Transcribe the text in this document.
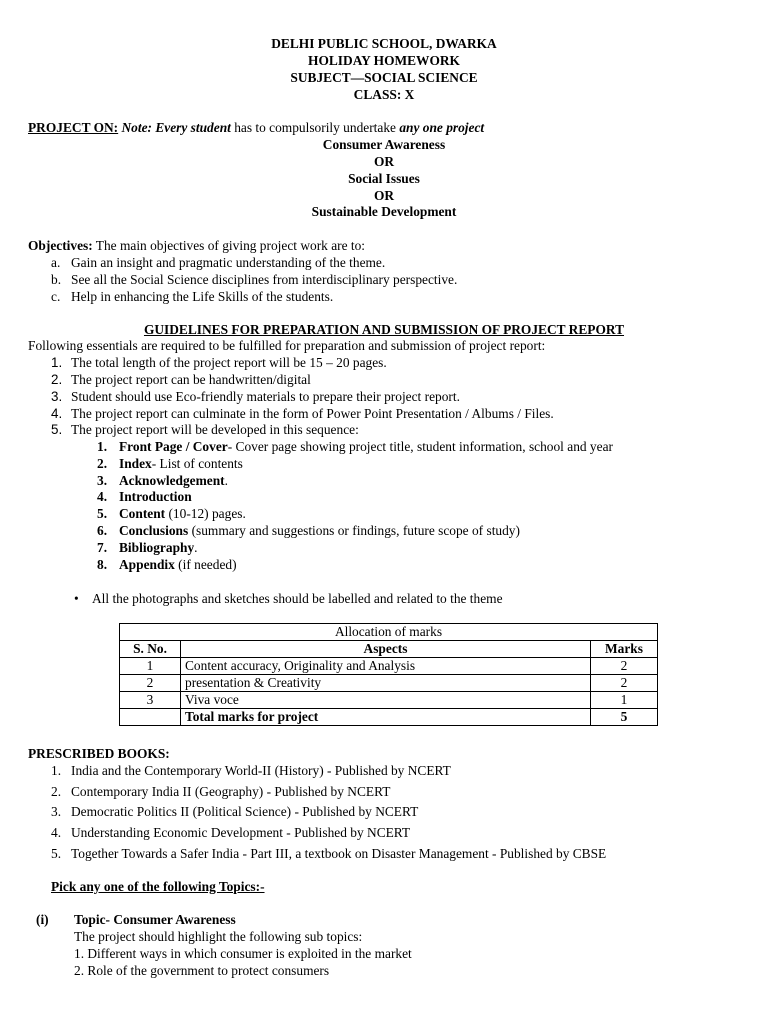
DELHI PUBLIC SCHOOL, DWARKA
HOLIDAY HOMEWORK
SUBJECT—SOCIAL SCIENCE
CLASS: X
PROJECT ON: Note: Every student has to compulsorily undertake any one project
Consumer Awareness
OR
Social Issues
OR
Sustainable Development
Objectives: The main objectives of giving project work are to:
a. Gain an insight and pragmatic understanding of the theme.
b. See all the Social Science disciplines from interdisciplinary perspective.
c. Help in enhancing the Life Skills of the students.
GUIDELINES FOR PREPARATION AND SUBMISSION OF PROJECT REPORT
Following essentials are required to be fulfilled for preparation and submission of project report:
1. The total length of the project report will be 15 – 20 pages.
2. The project report can be handwritten/digital
3. Student should use Eco-friendly materials to prepare their project report.
4. The project report can culminate in the form of Power Point Presentation / Albums / Files.
5. The project report will be developed in this sequence:
1. Front Page / Cover- Cover page showing project title, student information, school and year
2. Index- List of contents
3. Acknowledgement.
4. Introduction
5. Content (10-12) pages.
6. Conclusions (summary and suggestions or findings, future scope of study)
7. Bibliography.
8. Appendix (if needed)
• All the photographs and sketches should be labelled and related to the theme
Allocation of marks		
S. No.	Aspects	Marks
1	Content accuracy, Originality and Analysis	2
2	presentation & Creativity	2
3	Viva voce	1
	Total marks for project	5
PRESCRIBED BOOKS:
1. India and the Contemporary World-II (History) - Published by NCERT
2. Contemporary India II (Geography) - Published by NCERT
3. Democratic Politics II (Political Science) - Published by NCERT
4. Understanding Economic Development - Published by NCERT
5. Together Towards a Safer India - Part III, a textbook on Disaster Management - Published by CBSE
Pick any one of the following Topics:-
(i) Topic- Consumer Awareness
The project should highlight the following sub topics:
1. Different ways in which consumer is exploited in the market
2. Role of the government to protect consumers
